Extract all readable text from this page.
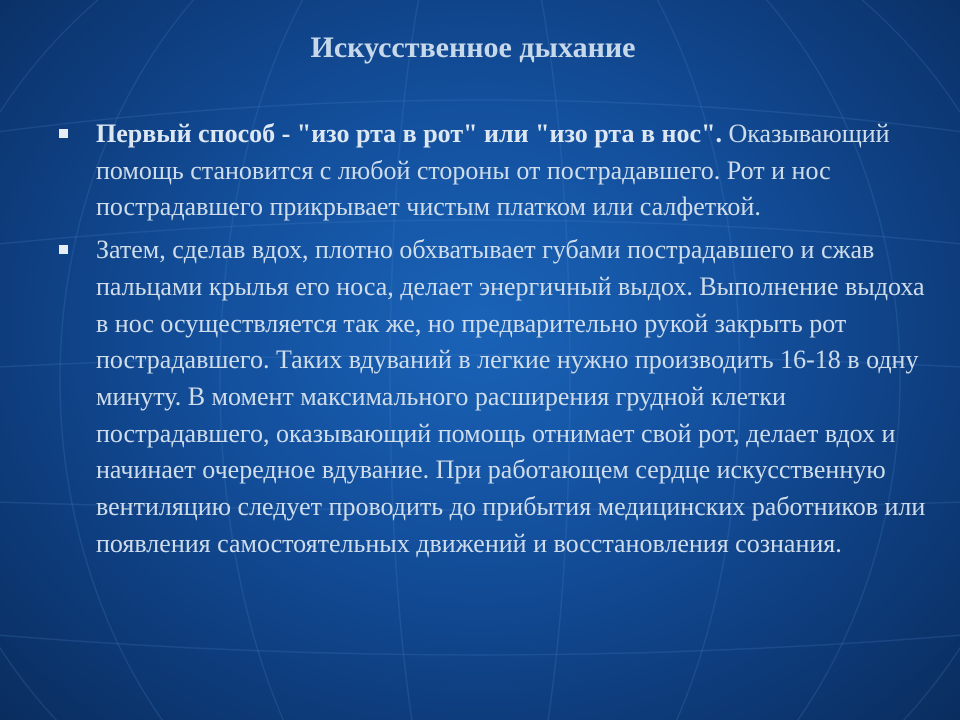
Искусственное дыхание
Первый способ - "изо рта в рот" или "изо рта в нос". Оказывающий помощь становится с любой стороны от пострадавшего. Рот и нос пострадавшего прикрывает чистым платком или салфеткой.
Затем, сделав вдох, плотно обхватывает губами пострадавшего и сжав пальцами крылья его носа, делает энергичный выдох. Выполнение выдоха в нос осуществляется так же, но предварительно рукой закрыть рот пострадавшего. Таких вдуваний в легкие нужно производить 16-18 в одну минуту. В момент максимального расширения грудной клетки пострадавшего, оказывающий помощь отнимает свой рот, делает вдох и начинает очередное вдувание. При работающем сердце искусственную вентиляцию следует проводить до прибытия медицинских работников или появления самостоятельных движений и восстановления сознания.
